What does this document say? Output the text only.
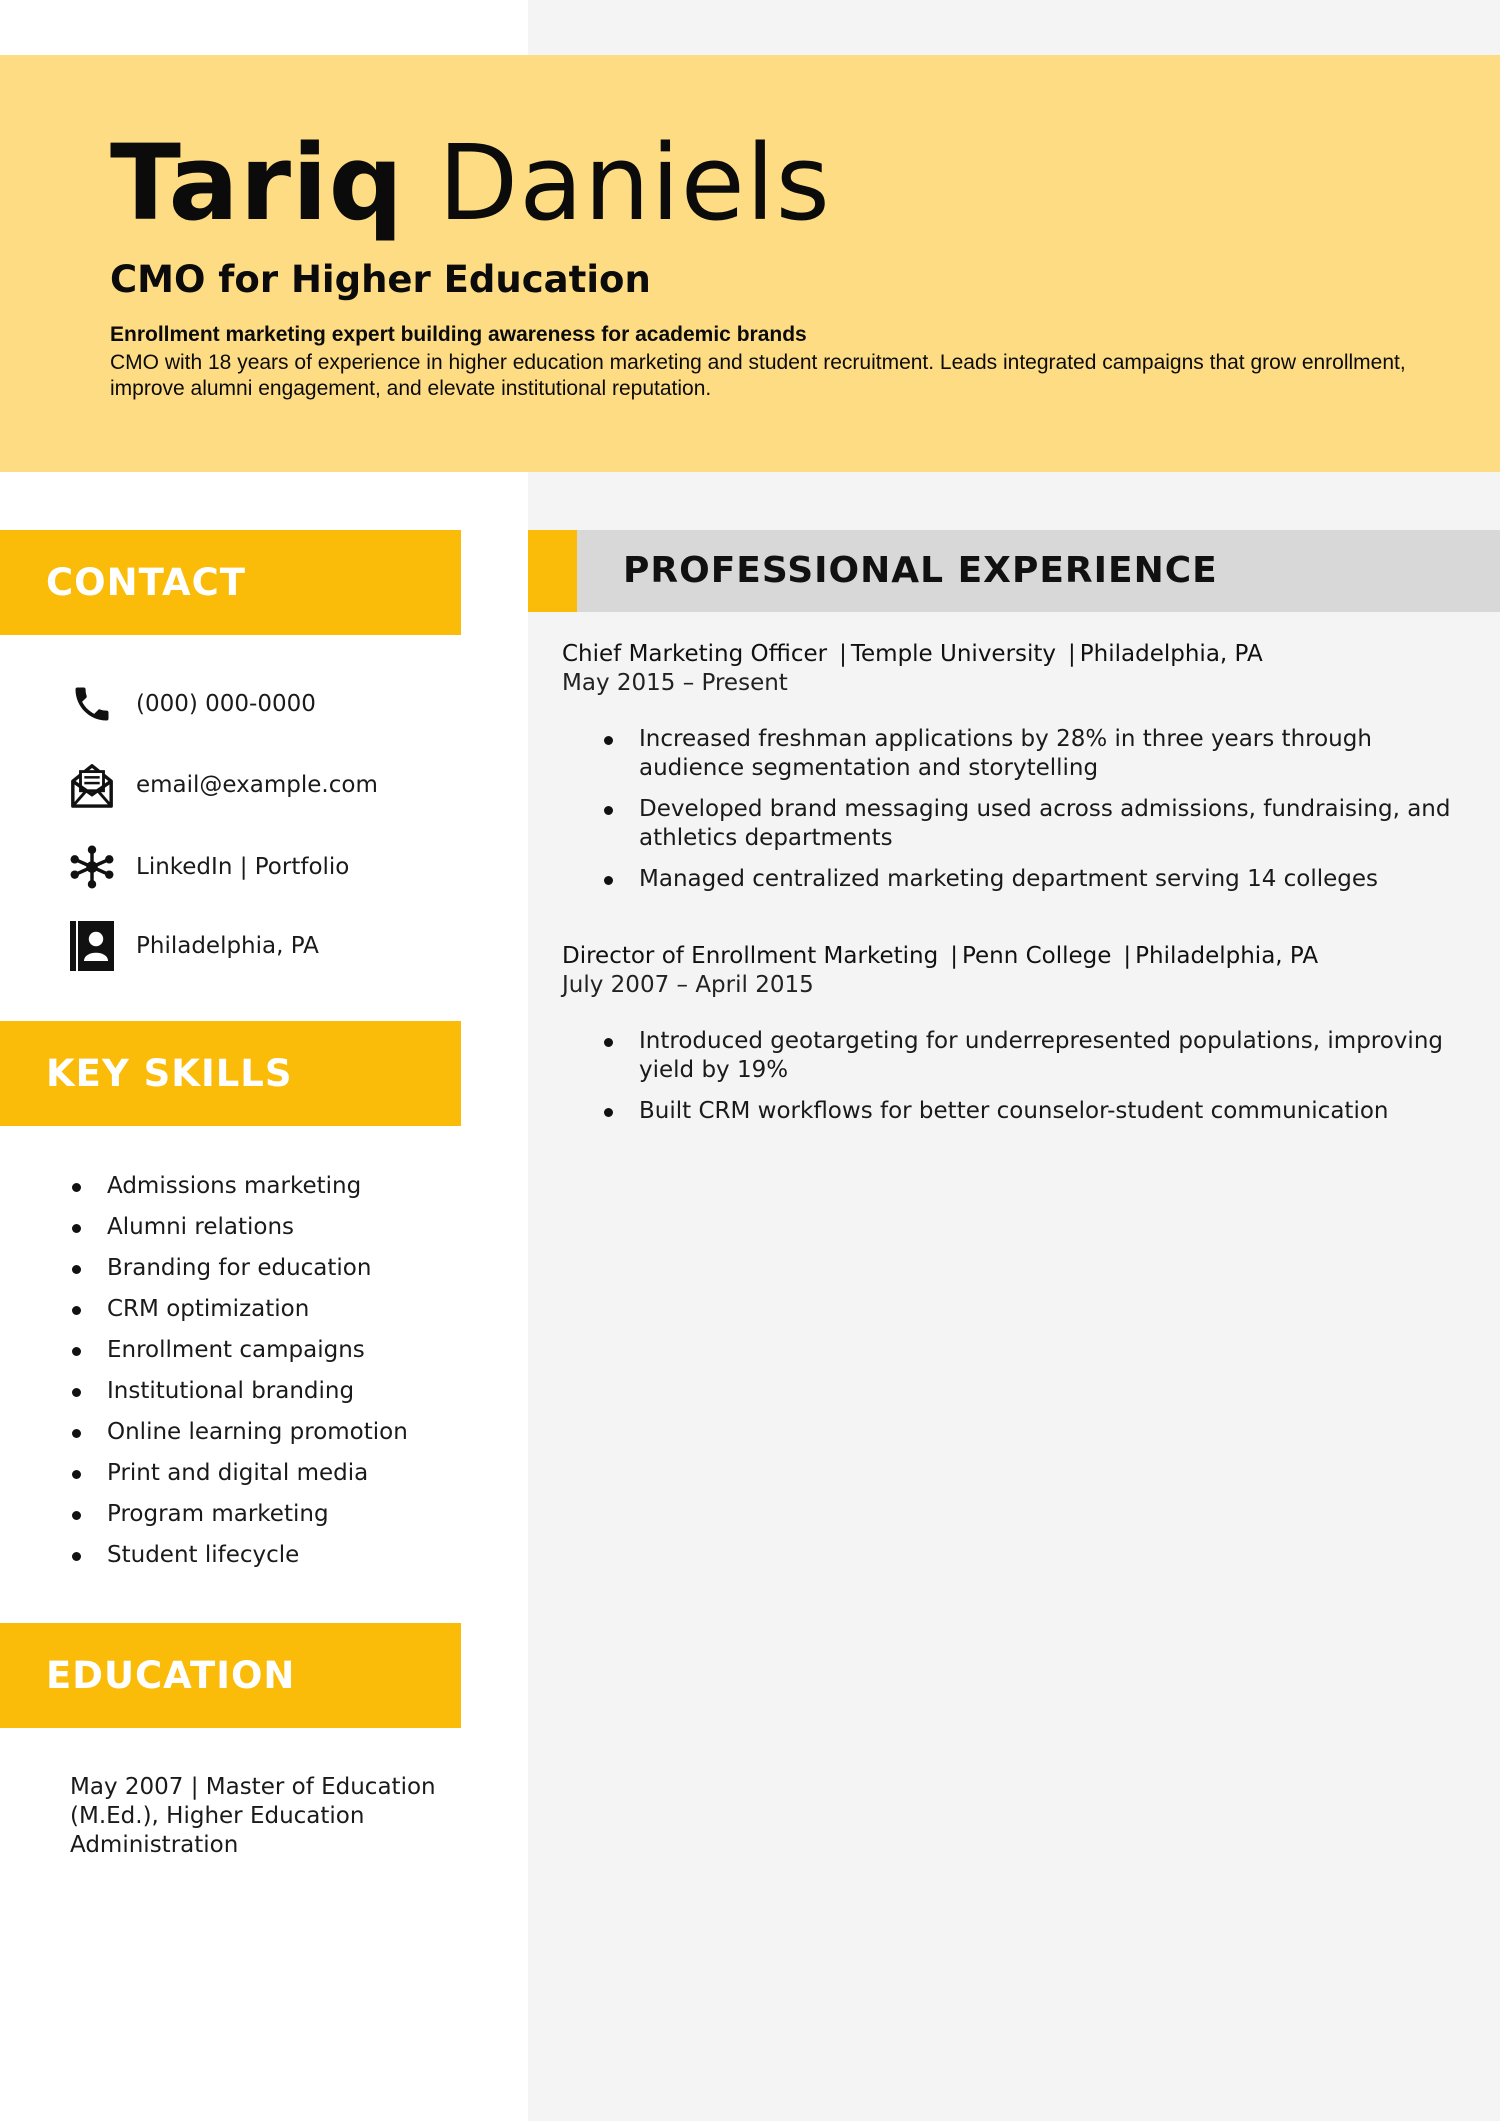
Tariq Daniels
CMO for Higher Education
Enrollment marketing expert building awareness for academic brands
CMO with 18 years of experience in higher education marketing and student recruitment. Leads integrated campaigns that grow enrollment, improve alumni engagement, and elevate institutional reputation.
CONTACT
(000) 000-0000
email@example.com
LinkedIn | Portfolio
Philadelphia, PA
KEY SKILLS
Admissions marketing
Alumni relations
Branding for education
CRM optimization
Enrollment campaigns
Institutional branding
Online learning promotion
Print and digital media
Program marketing
Student lifecycle
EDUCATION
May 2007 | Master of Education (M.Ed.), Higher Education Administration
PROFESSIONAL EXPERIENCE
Chief Marketing Officer | Temple University | Philadelphia, PA
May 2015 – Present
Increased freshman applications by 28% in three years through audience segmentation and storytelling
Developed brand messaging used across admissions, fundraising, and athletics departments
Managed centralized marketing department serving 14 colleges
Director of Enrollment Marketing | Penn College | Philadelphia, PA
July 2007 – April 2015
Introduced geotargeting for underrepresented populations, improving yield by 19%
Built CRM workflows for better counselor-student communication
